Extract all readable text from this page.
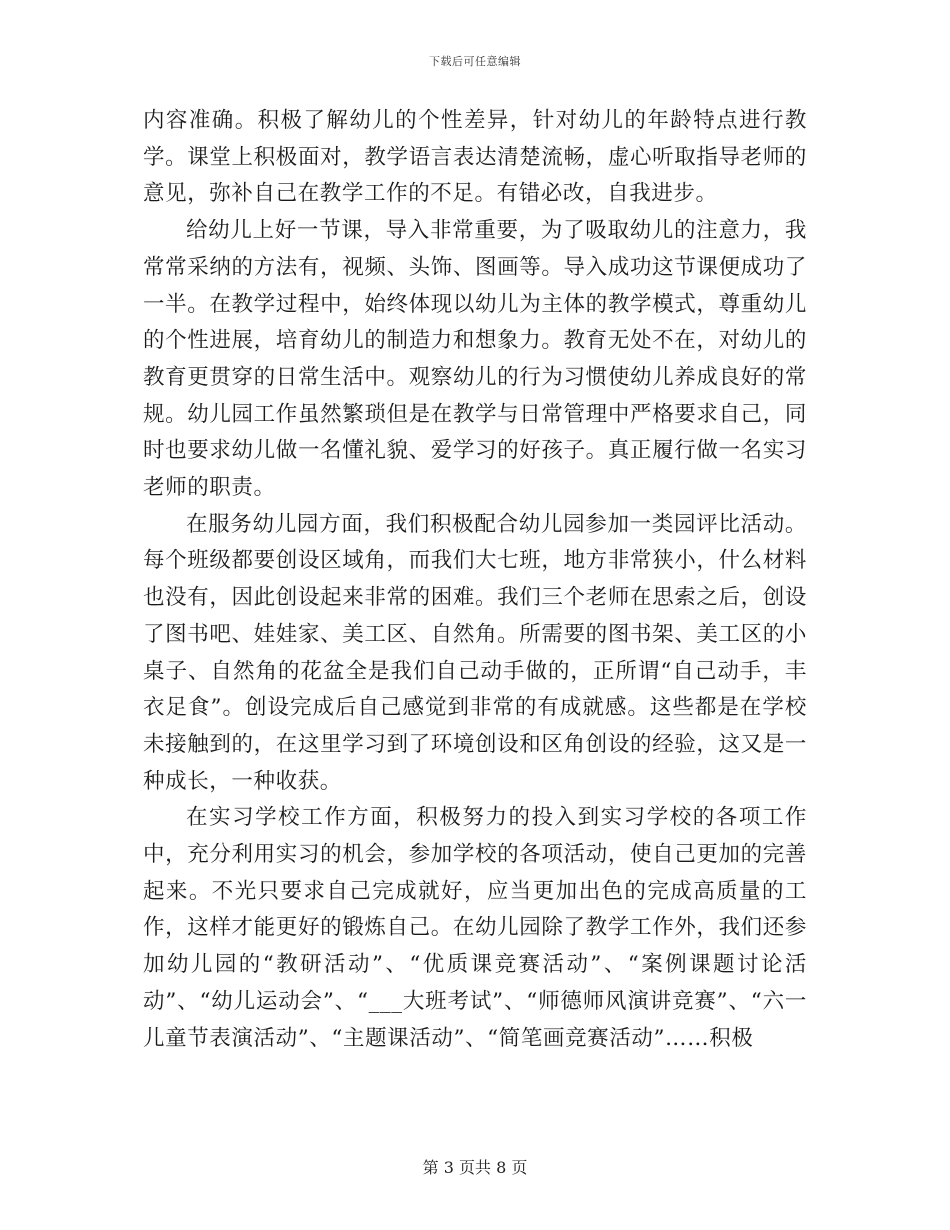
下载后可任意编辑

内容准确。积极了解幼儿的个性差异，针对幼儿的年龄特点进行教学。课堂上积极面对，教学语言表达清楚流畅，虚心听取指导老师的意见，弥补自己在教学工作的不足。有错必改，自我进步。

给幼儿上好一节课，导入非常重要，为了吸取幼儿的注意力，我常常采纳的方法有，视频、头饰、图画等。导入成功这节课便成功了一半。在教学过程中，始终体现以幼儿为主体的教学模式，尊重幼儿的个性进展，培育幼儿的制造力和想象力。教育无处不在，对幼儿的教育更贯穿的日常生活中。观察幼儿的行为习惯使幼儿养成良好的常规。幼儿园工作虽然繁琐但是在教学与日常管理中严格要求自己，同时也要求幼儿做一名懂礼貌、爱学习的好孩子。真正履行做一名实习老师的职责。

在服务幼儿园方面，我们积极配合幼儿园参加一类园评比活动。每个班级都要创设区域角，而我们大七班，地方非常狭小，什么材料也没有，因此创设起来非常的困难。我们三个老师在思索之后，创设了图书吧、娃娃家、美工区、自然角。所需要的图书架、美工区的小桌子、自然角的花盆全是我们自己动手做的，正所谓“自己动手，丰衣足食”。创设完成后自己感觉到非常的有成就感。这些都是在学校未接触到的，在这里学习到了环境创设和区角创设的经验，这又是一种成长，一种收获。

在实习学校工作方面，积极努力的投入到实习学校的各项工作中，充分利用实习的机会，参加学校的各项活动，使自己更加的完善起来。不光只要求自己完成就好，应当更加出色的完成高质量的工作，这样才能更好的锻炼自己。在幼儿园除了教学工作外，我们还参加幼儿园的“教研活动”、“优质课竞赛活动”、“案例课题讨论活动”、“幼儿运动会”、“___大班考试”、“师德师风演讲竞赛”、“六一儿童节表演活动”、“主题课活动”、“简笔画竞赛活动”……积极

第 3 页共 8 页
